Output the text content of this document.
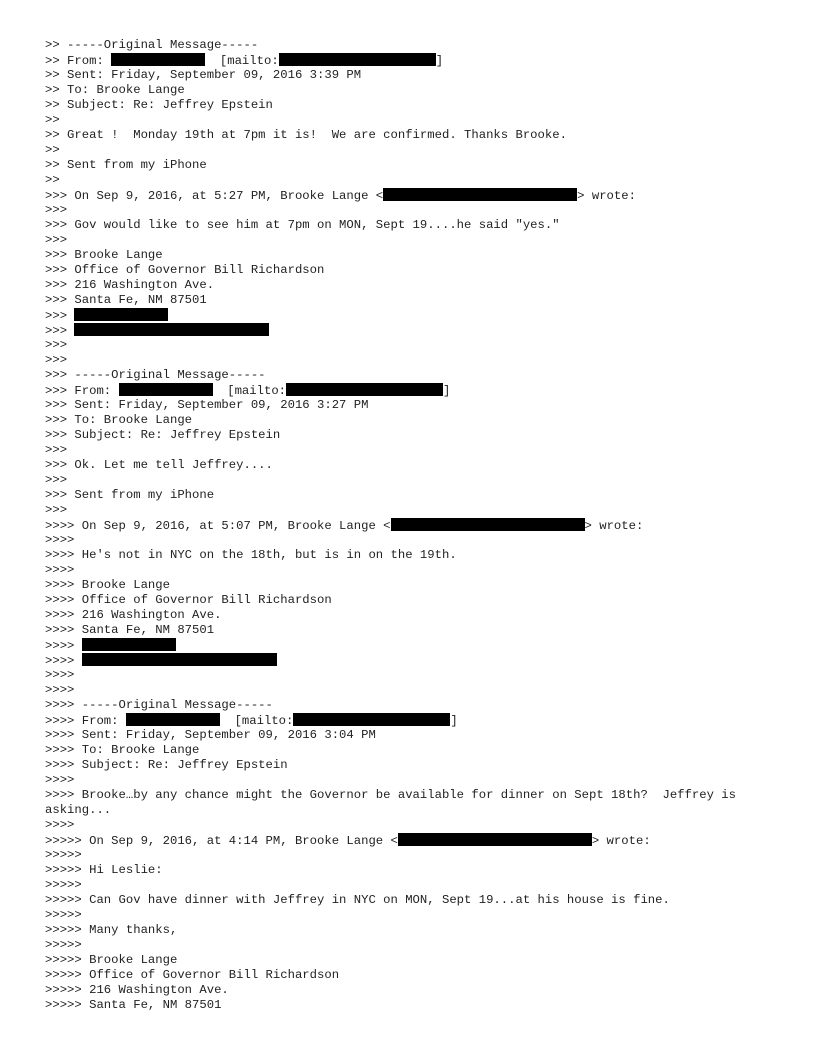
>> -----Original Message-----
>> From:	[mailto:	]
>> Sent: Friday, September 09, 2016 3:39 PM
>> To: Brooke Lange
>> Subject: Re: Jeffrey Epstein
>>
>> Great !  Monday 19th at 7pm it is!  We are confirmed. Thanks Brooke.
>>
>> Sent from my iPhone
>>
>>> On Sep 9, 2016, at 5:27 PM, Brooke Lange <	> wrote:
>>>
>>> Gov would like to see him at 7pm on MON, Sept 19....he said "yes."
>>>
>>> Brooke Lange
>>> Office of Governor Bill Richardson
>>> 216 Washington Ave.
>>> Santa Fe, NM 87501
>>>
>>>
>>>
>>>
>>> -----Original Message-----
>>> From:	[mailto:	]
>>> Sent: Friday, September 09, 2016 3:27 PM
>>> To: Brooke Lange
>>> Subject: Re: Jeffrey Epstein
>>>
>>> Ok. Let me tell Jeffrey....
>>>
>>> Sent from my iPhone
>>>
>>>> On Sep 9, 2016, at 5:07 PM, Brooke Lange <	> wrote:
>>>>
>>>> He's not in NYC on the 18th, but is in on the 19th.
>>>>
>>>> Brooke Lange
>>>> Office of Governor Bill Richardson
>>>> 216 Washington Ave.
>>>> Santa Fe, NM 87501
>>>>
>>>>
>>>>
>>>>
>>>> -----Original Message-----
>>>> From:	[mailto:	]
>>>> Sent: Friday, September 09, 2016 3:04 PM
>>>> To: Brooke Lange
>>>> Subject: Re: Jeffrey Epstein
>>>>
>>>> Brooke…by any chance might the Governor be available for dinner on Sept 18th?  Jeffrey is asking...
>>>>
>>>>> On Sep 9, 2016, at 4:14 PM, Brooke Lange <	> wrote:
>>>>>
>>>>> Hi Leslie:
>>>>>
>>>>> Can Gov have dinner with Jeffrey in NYC on MON, Sept 19...at his house is fine.
>>>>>
>>>>> Many thanks,
>>>>>
>>>>> Brooke Lange
>>>>> Office of Governor Bill Richardson
>>>>> 216 Washington Ave.
>>>>> Santa Fe, NM 87501
